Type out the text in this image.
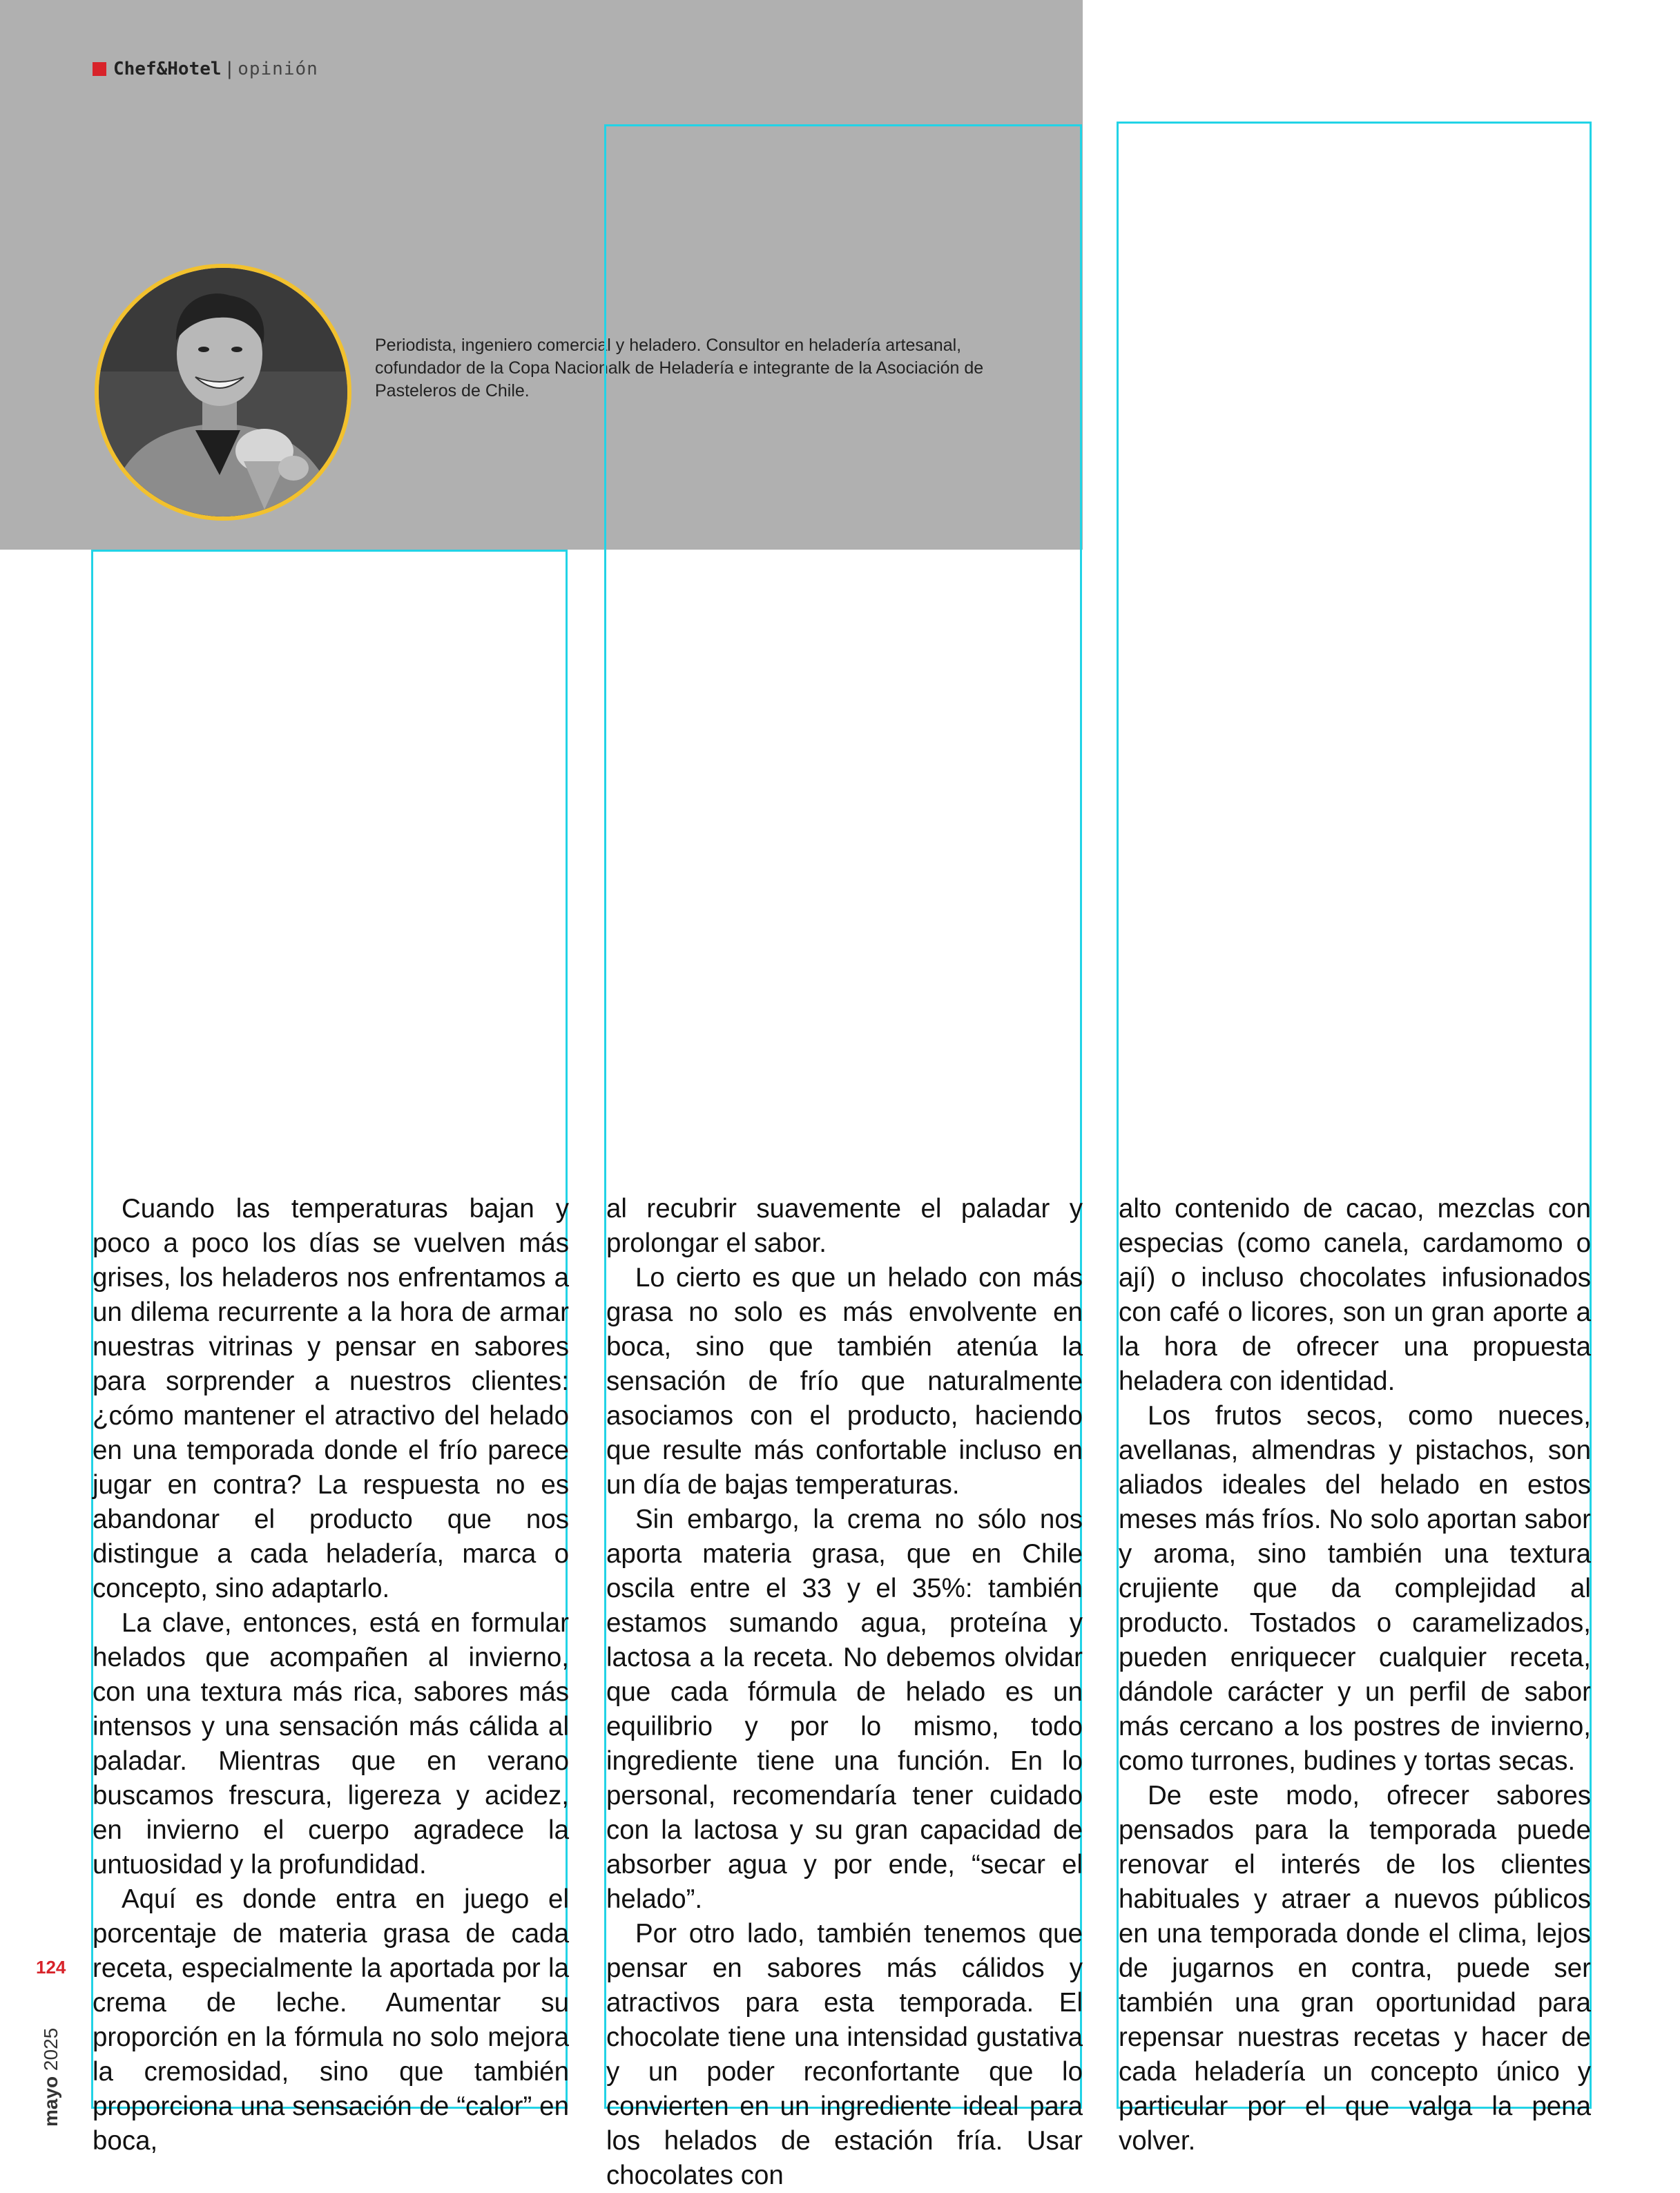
Chef&Hotel | opinión
Periodista, ingeniero comercial y heladero. Consultor en heladería artesanal, cofundador de la Copa Nacionalk de Heladería e integrante de la Asociación de Pasteleros de Chile.

Cuando las temperaturas bajan y poco a poco los días se vuelven más grises, los heladeros nos enfrentamos a un dilema recurrente a la hora de armar nuestras vitrinas y pensar en sabores para sorprender a nuestros clientes: ¿cómo mantener el atractivo del helado en una temporada donde el frío parece jugar en contra? La respuesta no es abandonar el producto que nos distingue a cada heladería, marca o concepto, sino adaptarlo.

La clave, entonces, está en formular helados que acompañen al invierno, con una textura más rica, sabores más intensos y una sensación más cálida al paladar. Mientras que en verano buscamos frescura, ligereza y acidez, en invierno el cuerpo agradece la untuosidad y la profundidad.

Aquí es donde entra en juego el porcentaje de materia grasa de cada receta, especialmente la aportada por la crema de leche. Aumentar su proporción en la fórmula no solo mejora la cremosidad, sino que también proporciona una sensación de “calor” en boca,

al recubrir suavemente el paladar y prolongar el sabor.

Lo cierto es que un helado con más grasa no solo es más envolvente en boca, sino que también atenúa la sensación de frío que naturalmente asociamos con el producto, haciendo que resulte más confortable incluso en un día de bajas temperaturas.

Sin embargo, la crema no sólo nos aporta materia grasa, que en Chile oscila entre el 33 y el 35%: también estamos sumando agua, proteína y lactosa a la receta. No debemos olvidar que cada fórmula de helado es un equilibrio y por lo mismo, todo ingrediente tiene una función. En lo personal, recomendaría tener cuidado con la lactosa y su gran capacidad de absorber agua y por ende, “secar el helado”.

Por otro lado, también tenemos que pensar en sabores más cálidos y atractivos para esta temporada. El chocolate tiene una intensidad gustativa y un poder reconfortante que lo convierten en un ingrediente ideal para los helados de estación fría. Usar chocolates con

alto contenido de cacao, mezclas con especias (como canela, cardamomo o ají) o incluso chocolates infusionados con café o licores, son un gran aporte a la hora de ofrecer una propuesta heladera con identidad.

Los frutos secos, como nueces, avellanas, almendras y pistachos, son aliados ideales del helado en estos meses más fríos. No solo aportan sabor y aroma, sino también una textura crujiente que da complejidad al producto. Tostados o caramelizados, pueden enriquecer cualquier receta, dándole carácter y un perfil de sabor más cercano a los postres de invierno, como turrones, budines y tortas secas.

De este modo, ofrecer sabores pensados para la temporada puede renovar el interés de los clientes habituales y atraer a nuevos públicos en una temporada donde el clima, lejos de jugarnos en contra, puede ser también una gran oportunidad para repensar nuestras recetas y hacer de cada heladería un concepto único y particular por el que valga la pena volver.

124
mayo 2025
